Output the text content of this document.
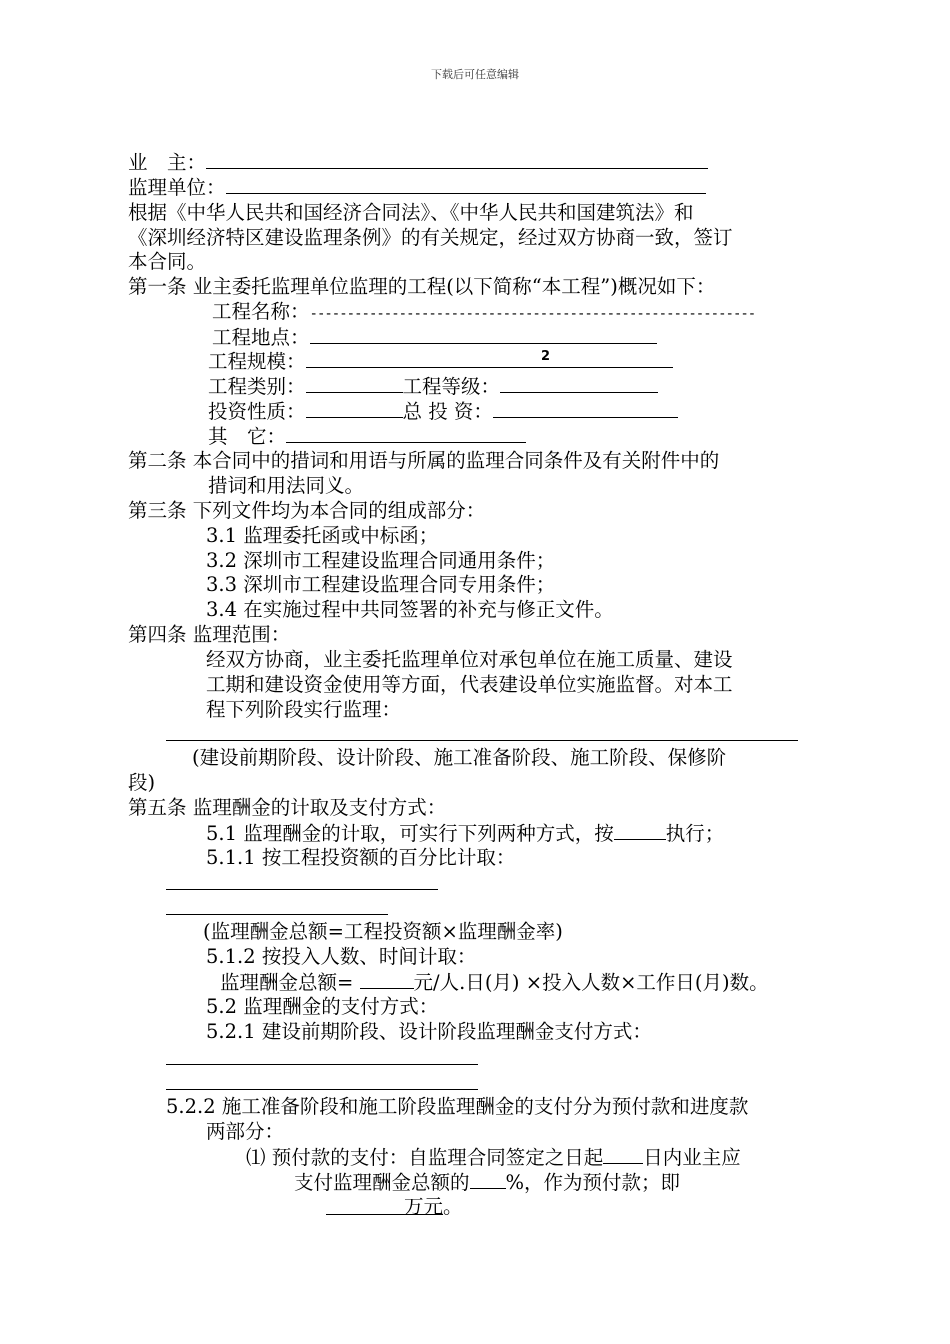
下载后可任意编辑
业　主：
监理单位：
根据《中华人民共和国经济合同法》、《中华人民共和国建筑法》和
《深圳经济特区建设监理条例》的有关规定，经过双方协商一致，签订
本合同。
第一条 业主委托监理单位监理的工程(以下简称“本工程”)概况如下：
工程名称：------------------------------------------------------------
工程地点：
工程规模：	2
工程类别：	工程等级：
投资性质：	总 投 资：
其　它：
第二条 本合同中的措词和用语与所属的监理合同条件及有关附件中的
措词和用法同义。
第三条 下列文件均为本合同的组成部分：
3.1 监理委托函或中标函；
3.2 深圳市工程建设监理合同通用条件；
3.3 深圳市工程建设监理合同专用条件；
3.4 在实施过程中共同签署的补充与修正文件。
第四条 监理范围：
经双方协商，业主委托监理单位对承包单位在施工质量、建设
工期和建设资金使用等方面，代表建设单位实施监督。对本工
程下列阶段实行监理：
(建设前期阶段、设计阶段、施工准备阶段、施工阶段、保修阶
段)
第五条 监理酬金的计取及支付方式：
5.1 监理酬金的计取，可实行下列两种方式，按	执行；
5.1.1 按工程投资额的百分比计取：
(监理酬金总额=工程投资额×监理酬金率)
5.1.2 按投入人数、时间计取：
监理酬金总额=	元/人.日(月) ×投入人数×工作日(月)数。
5.2 监理酬金的支付方式：
5.2.1 建设前期阶段、设计阶段监理酬金支付方式：
5.2.2 施工准备阶段和施工阶段监理酬金的支付分为预付款和进度款
两部分：
⑴ 预付款的支付：自监理合同签定之日起 日内业主应
支付监理酬金总额的 %，作为预付款；即
　　　　万元。
